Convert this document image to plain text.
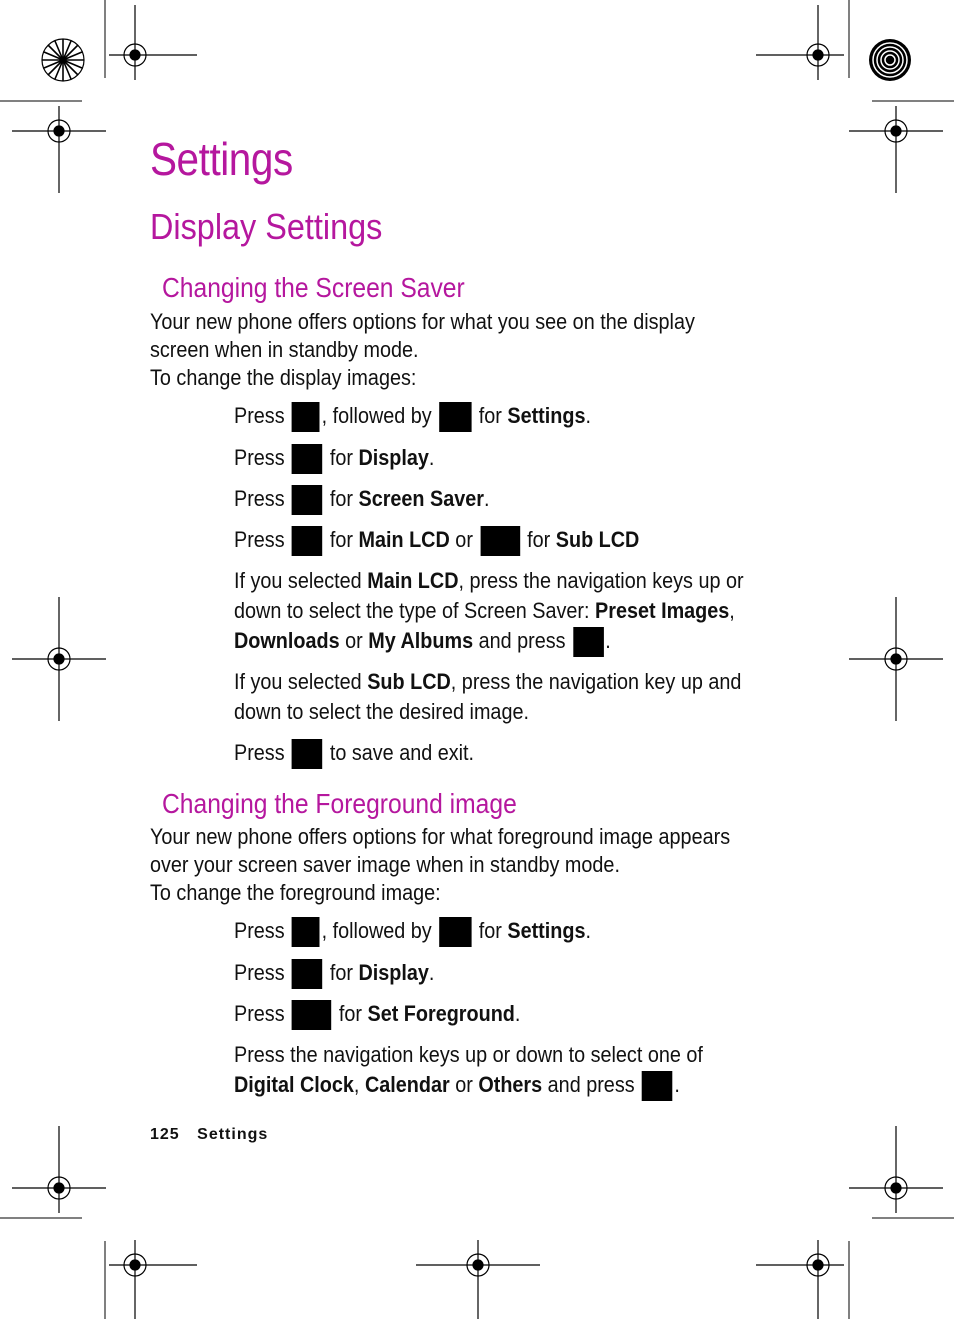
Settings
Display Settings
Changing the Screen Saver

Your new phone offers options for what you see on the display screen when in standby mode.

To change the display images:

Press , followed by for Settings.
Press for Display.
Press for Screen Saver.
Press for Main LCD or for Sub LCD
If you selected Main LCD, press the navigation keys up or down to select the type of Screen Saver: Preset Images, Downloads or My Albums and press .
If you selected Sub LCD, press the navigation key up and down to select the desired image.
Press to save and exit.
Changing the Foreground image

Your new phone offers options for what foreground image appears over your screen saver image when in standby mode.

To change the foreground image:

Press , followed by for Settings.
Press for Display.
Press for Set Foreground.
Press the navigation keys up or down to select one of Digital Clock, Calendar or Others and press .
125 Settings
